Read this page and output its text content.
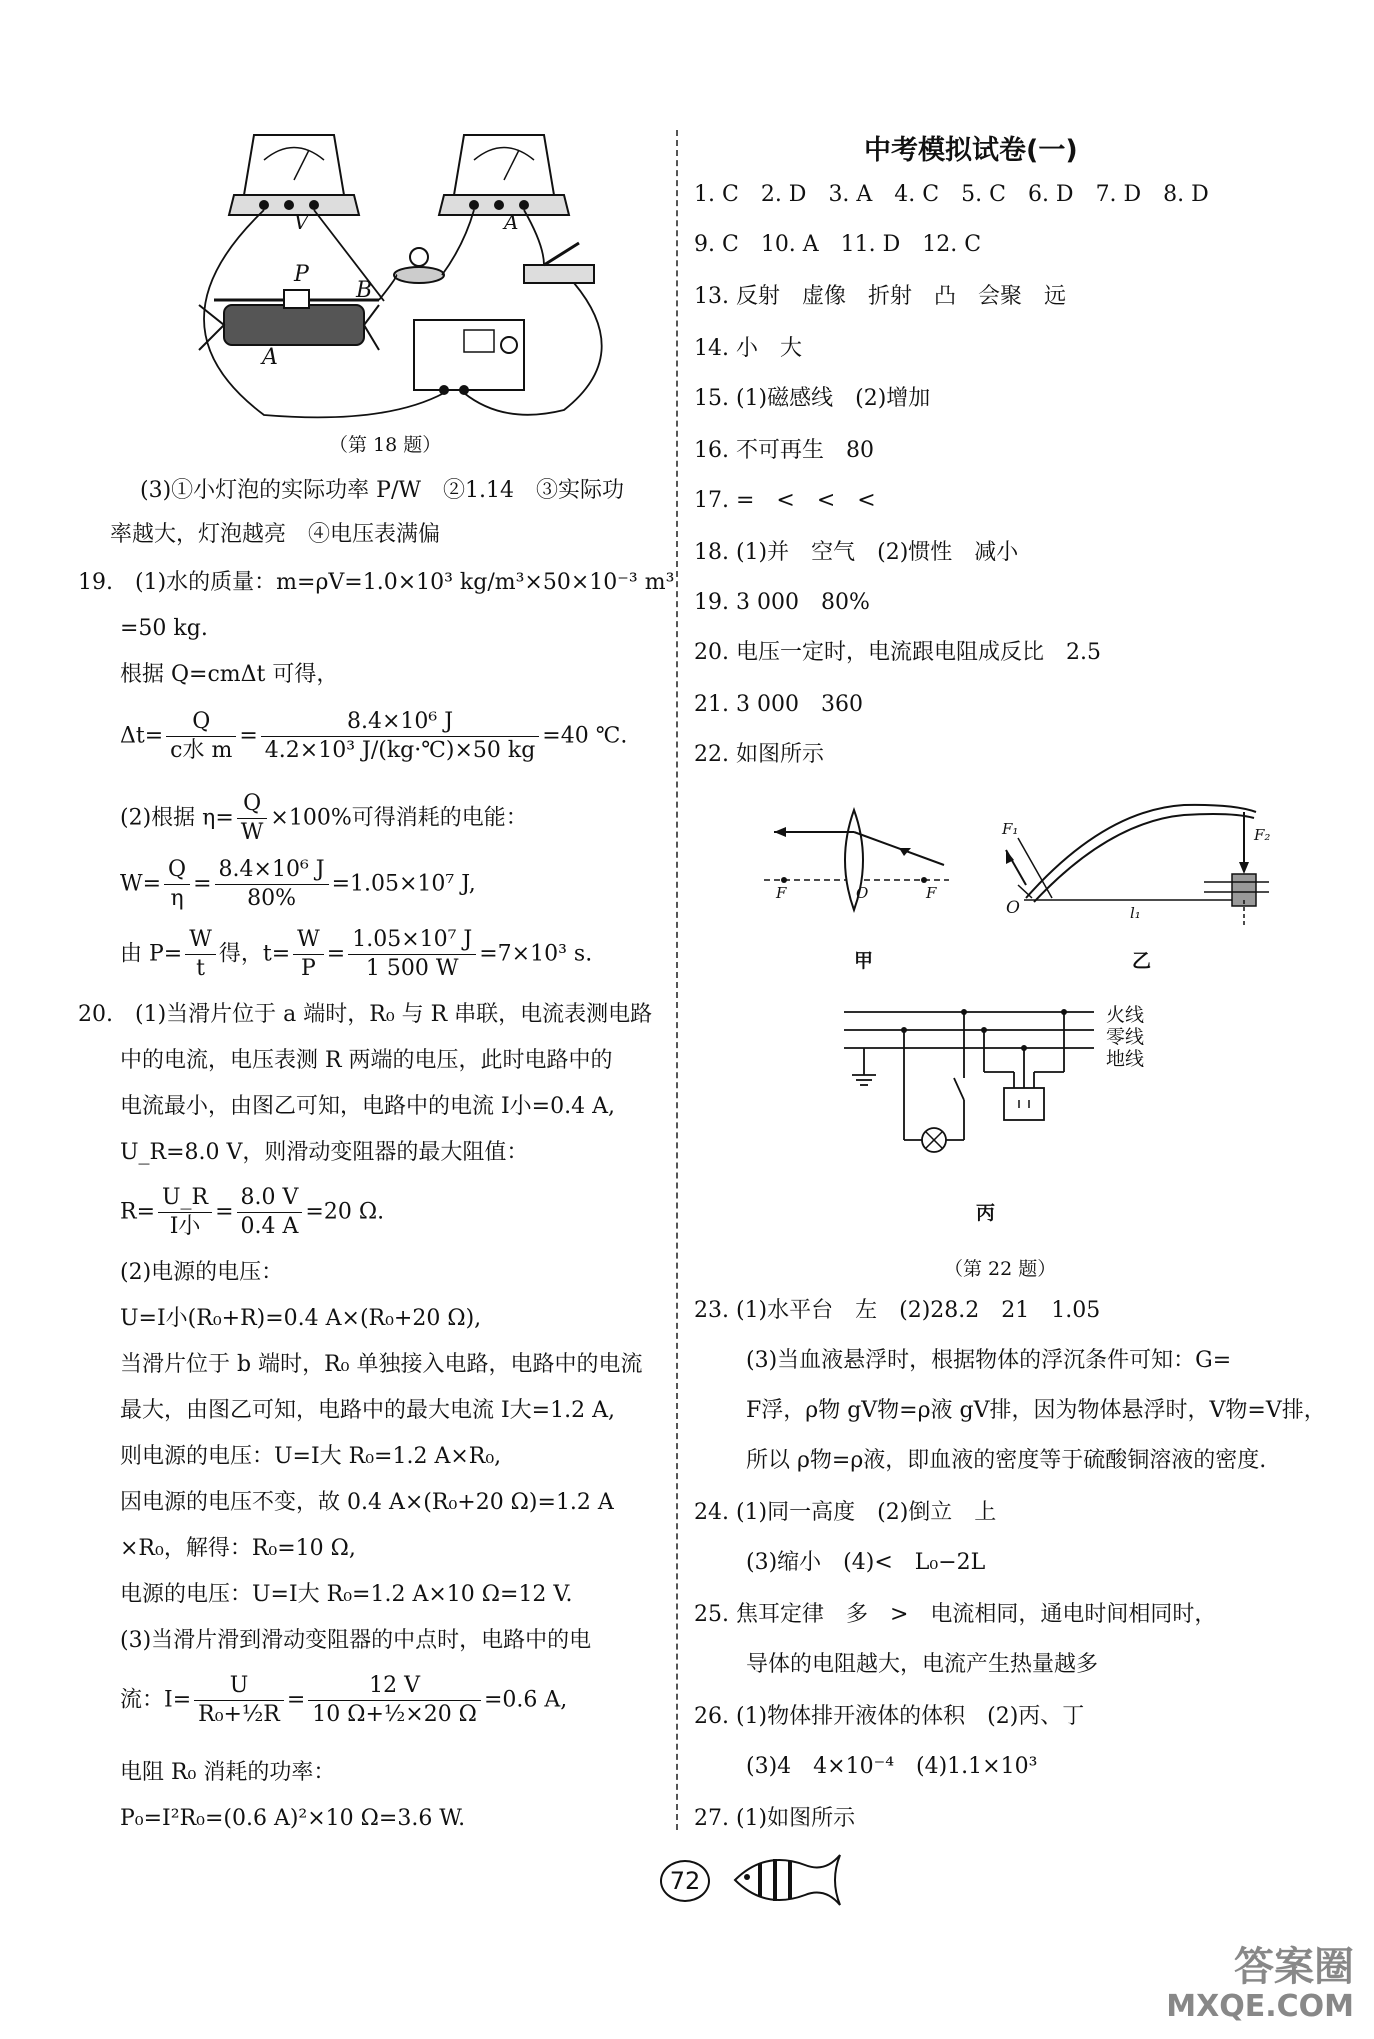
V	A
P
B
A
（第 18 题）
(3)①小灯泡的实际功率 P/W　②1.14　③实际功
率越大，灯泡越亮　④电压表满偏
19.　(1)水的质量：m=ρV=1.0×10³ kg/m³×50×10⁻³ m³
=50 kg.
根据 Q=cmΔt 可得，
$\Delta t= \frac{Q}{\text{c水 m}} = \frac{\text{8.4×10⁶ J}}{\text{4.2×10³ J/(kg·℃)×50 kg}} =40$ ℃.
(2)根据 $\eta= \frac{Q}{W} \times 100\%$可得消耗的电能：
$W= \frac{Q}{\eta} = \frac{\text{8.4×10⁶ J}}{80\%} =1.05\times 10^7$ J,
由 $P= \frac{W}{t}$ 得，$t= \frac{W}{P} = \frac{\text{1.05×10⁷ J}}{1 500 W} =7\times 10^3$ s.
20.　(1)当滑片位于 a 端时，R₀ 与 R 串联，电流表测电路
中的电流，电压表测 R 两端的电压，此时电路中的
电流最小，由图乙可知，电路中的电流 I小=0.4 A,
U_R=8.0 V，则滑动变阻器的最大阻值：
$R= \frac{U\_R}{\text{I小}} = \frac{8.0 V}{0.4 A} =20$ Ω.
(2)电源的电压：
U=I小(R₀+R)=0.4 A×(R₀+20 Ω),
当滑片位于 b 端时，R₀ 单独接入电路，电路中的电流
最大，由图乙可知，电路中的最大电流 I大=1.2 A,
则电源的电压：U=I大 R₀=1.2 A×R₀,
因电源的电压不变，故 0.4 A×(R₀+20 Ω)=1.2 A
×R₀，解得：R₀=10 Ω,
电源的电压：U=I大 R₀=1.2 A×10 Ω=12 V.
(3)当滑片滑到滑动变阻器的中点时，电路中的电
流：$I= \frac{U}{\text{R₀+½R}} = \frac{12 V}{\text{10 Ω+½×20 Ω}} =0.6$ A,
电阻 R₀ 消耗的功率：
P₀=I²R₀=(0.6 A)²×10 Ω=3.6 W.
中考模拟试卷(一)
1. C　2. D　3. A　4. C　5. C　6. D　7. D　8. D
9. C　10. A　11. D　12. C
13. 反射　虚像　折射　凸　会聚　远
14. 小　大
15. (1)磁感线　(2)增加
16. 不可再生　80
17. =　<　<　<
18. (1)并　空气　(2)惯性　减小
19. 3 000　80%
20. 电压一定时，电流跟电阻成反比　2.5
21. 3 000　360
22. 如图所示
F	O	F
甲
F₁	F₂
O	l₁
乙
火线
零线
地线
丙
（第 22 题）
23. (1)水平台　左　(2)28.2　21　1.05
(3)当血液悬浮时，根据物体的浮沉条件可知：G=
F浮，ρ物 gV物=ρ液 gV排，因为物体悬浮时，V物=V排，
所以 ρ物=ρ液，即血液的密度等于硫酸铜溶液的密度.
24. (1)同一高度　(2)倒立　上
(3)缩小　(4)<　L₀−2L
25. 焦耳定律　多　>　电流相同，通电时间相同时，
导体的电阻越大，电流产生热量越多
26. (1)物体排开液体的体积　(2)丙、丁
(3)4　4×10⁻⁴　(4)1.1×10³
27. (1)如图所示
72
答案圈
MXQE.COM
